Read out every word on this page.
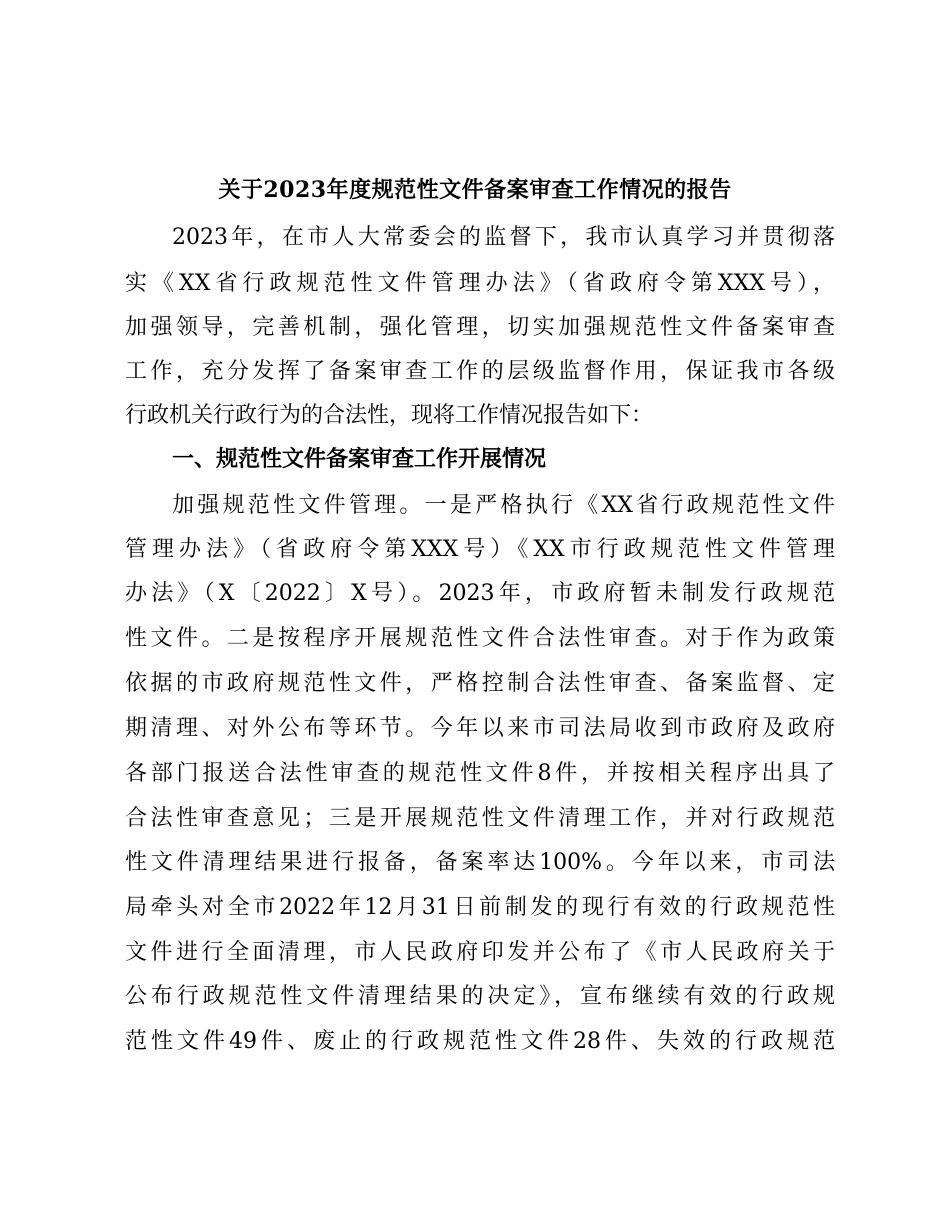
关于2023年度规范性文件备案审查工作情况的报告

2023年，在市人大常委会的监督下，我市认真学习并贯彻落

实《XX省行政规范性文件管理办法》（省政府令第XXX号），

加强领导，完善机制，强化管理，切实加强规范性文件备案审查

工作，充分发挥了备案审查工作的层级监督作用，保证我市各级

行政机关行政行为的合法性，现将工作情况报告如下：

一、规范性文件备案审查工作开展情况

加强规范性文件管理。一是严格执行《XX省行政规范性文件

管理办法》（省政府令第XXX号）《XX市行政规范性文件管理

办法》（X〔2022〕X号）。2023年，市政府暂未制发行政规范

性文件。二是按程序开展规范性文件合法性审查。对于作为政策

依据的市政府规范性文件，严格控制合法性审查、备案监督、定

期清理、对外公布等环节。今年以来市司法局收到市政府及政府

各部门报送合法性审查的规范性文件8件，并按相关程序出具了

合法性审查意见；三是开展规范性文件清理工作，并对行政规范

性文件清理结果进行报备，备案率达100%。今年以来，市司法

局牵头对全市2022年12月31日前制发的现行有效的行政规范性

文件进行全面清理，市人民政府印发并公布了《市人民政府关于

公布行政规范性文件清理结果的决定》，宣布继续有效的行政规

范性文件49件、废止的行政规范性文件28件、失效的行政规范
